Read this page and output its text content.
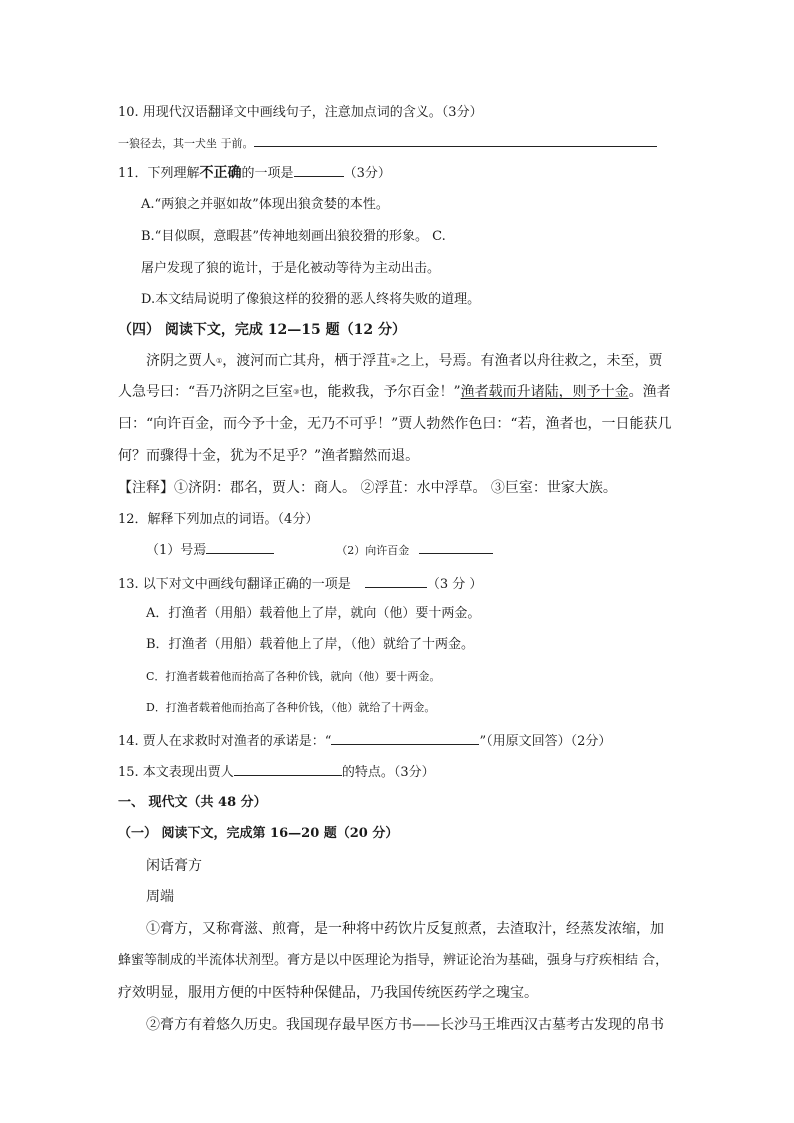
10. 用现代汉语翻译文中画线句子，注意加点词的含义。（3分）
一狼径去，其一犬坐 于前。
11．下列理解不正确的一项是	（3分）
A.“两狼之并驱如故”体现出狼贪婪的本性。
B.“目似暝，意暇甚”传神地刻画出狼狡猾的形象。 C.
屠户发现了狼的诡计，于是化被动等待为主动出击。
D.本文结局说明了像狼这样的狡猾的恶人终将失败的道理。
（四） 阅读下文，完成 12—15 题（12 分）
济阴之贾人①，渡河而亡其舟，栖于浮苴②之上，号焉。有渔者以舟往救之，未至，贾
人急号曰：“吾乃济阴之巨室③也，能救我，予尔百金！”渔者载而升诸陆，则予十金。渔者
曰：“向许百金，而今予十金，无乃不可乎！”贾人勃然作色曰：“若，渔者也，一日能获几
何？而骤得十金，犹为不足乎？”渔者黯然而退。
【注释】①济阴：郡名，贾人：商人。 ②浮苴：水中浮草。 ③巨室：世家大族。
12．解释下列加点的词语。（4分）
（1）号焉	（2）向许百金
13. 以下对文中画线句翻译正确的一项是	（3 分 ）
A．打渔者（用船）载着他上了岸，就向（他）要十两金。
B．打渔者（用船）载着他上了岸，（他）就给了十两金。
C．打渔者载着他而抬高了各种价钱，就向（他）要十两金。
D．打渔者载着他而抬高了各种价钱，（他）就给了十两金。
14. 贾人在求救时对渔者的承诺是：“	”（用原文回答）（2分）
15. 本文表现出贾人	的特点。（3分）
一、 现代文（共 48 分）
（一） 阅读下文，完成第 16—20 题（20 分）
闲话膏方
周端
①膏方，又称膏滋、煎膏，是一种将中药饮片反复煎煮，去渣取汁，经蒸发浓缩，加
蜂蜜等制成的半流体状剂型。膏方是以中医理论为指导，辨证论治为基础，强身与疗疾相结 合，
疗效明显，服用方便的中医特种保健品，乃我国传统医药学之瑰宝。
②膏方有着悠久历史。我国现存最早医方书——长沙马王堆西汉古墓考古发现的帛书
